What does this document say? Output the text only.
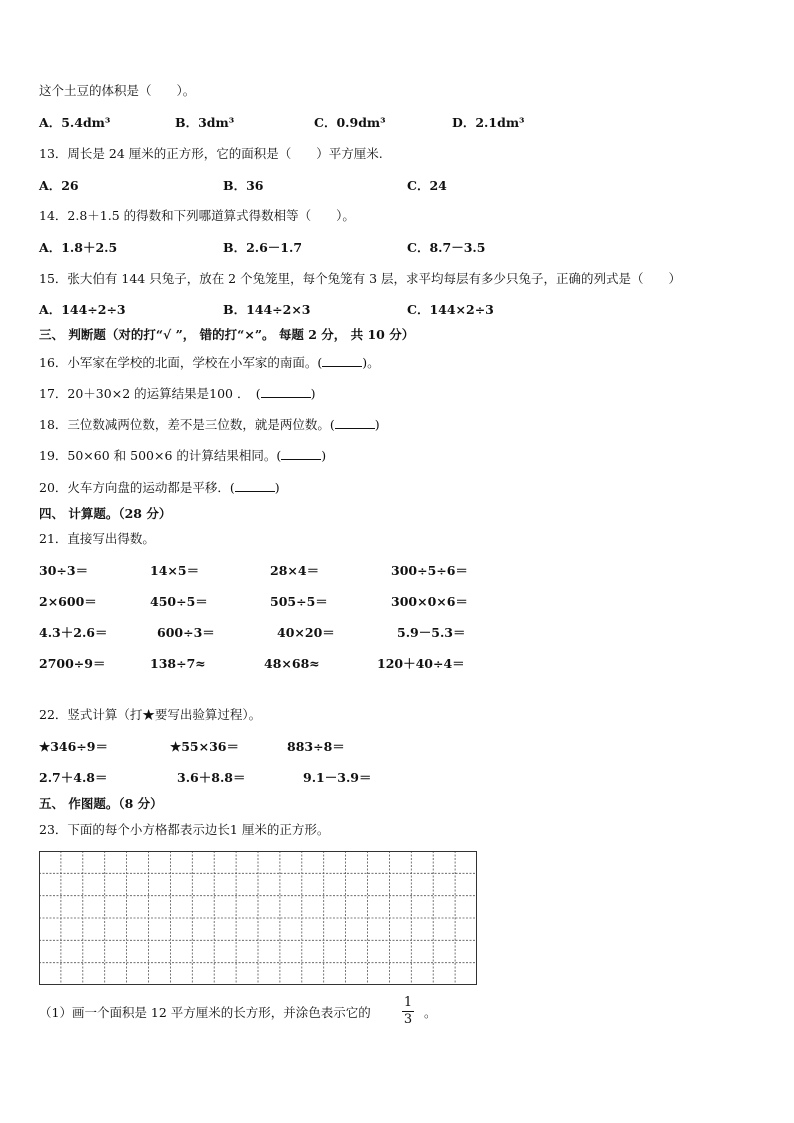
这个土豆的体积是（　　）。
A．5.4dm³	B．3dm³	C．0.9dm³	D．2.1dm³
13．周长是 24 厘米的正方形，它的面积是（　　）平方厘米.
A．26	B．36	C．24
14．2.8＋1.5 的得数和下列哪道算式得数相等（　　）。
A．1.8＋2.5	B．2.6－1.7	C．8.7－3.5
15．张大伯有 144 只兔子，放在 2 个兔笼里，每个兔笼有 3 层，求平均每层有多少只兔子，正确的列式是（　　）
A．144÷2÷3	B．144÷2×3	C．144×2÷3
三、 判断题（对的打“√ ”， 错的打“×”。 每题 2 分， 共 10 分）
16．小军家在学校的北面，学校在小军家的南面。(	)。
17．20＋30×2 的运算结果是100 ．　(	)
18．三位数减两位数，差不是三位数，就是两位数。(	)
19．50×60 和 500×6 的计算结果相同。(	)
20．火车方向盘的运动都是平移．(	)
四、 计算题。（28 分）
21．直接写出得数。
30÷3＝	14×5＝	28×4＝	300÷5÷6＝
2×600＝	450÷5＝	505÷5＝	300×0×6＝
4.3＋2.6＝	600÷3＝	40×20＝	5.9－5.3＝
2700÷9＝	138÷7≈	48×68≈	120＋40÷4＝
22．竖式计算（打★要写出验算过程）。
★346÷9＝	★55×36＝	883÷8＝
2.7＋4.8＝	3.6＋8.8＝	9.1－3.9＝
五、 作图题。（8 分）
23．下面的每个小方格都表示边长1 厘米的正方形。
（1）画一个面积是 12 平方厘米的长方形，并涂色表示它的
1
3 。
